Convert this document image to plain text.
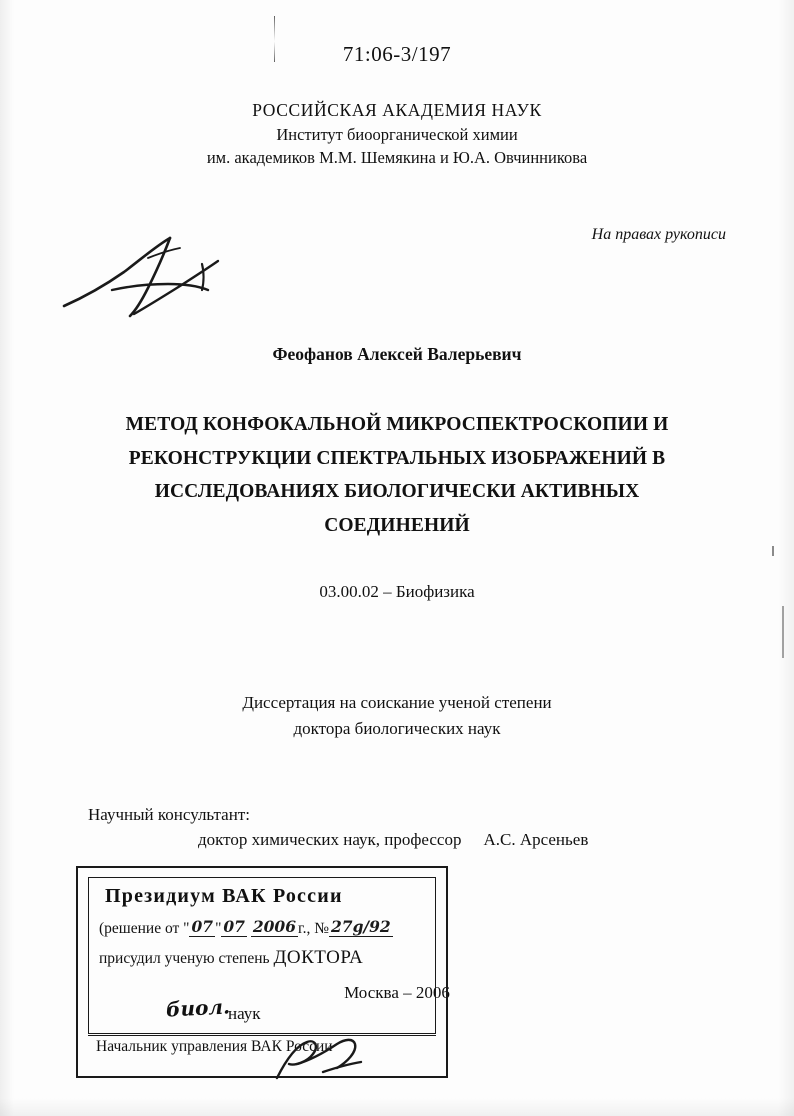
71:06-3/197
РОССИЙСКАЯ АКАДЕМИЯ НАУК
Институт биоорганической химии
им. академиков М.М. Шемякина и Ю.А. Овчинникова
На правах рукописи
Феофанов Алексей Валерьевич
МЕТОД КОНФОКАЛЬНОЙ МИКРОСПЕКТРОСКОПИИ И
РЕКОНСТРУКЦИИ СПЕКТРАЛЬНЫХ ИЗОБРАЖЕНИЙ В
ИССЛЕДОВАНИЯХ БИОЛОГИЧЕСКИ АКТИВНЫХ
СОЕДИНЕНИЙ
03.00.02 – Биофизика
Диссертация на соискание ученой степени
доктора биологических наук
Научный консультант:
доктор химических наук, профессор А.С. Арсеньев
Москва – 2006
Президиум ВАК России
(решение от " 07 " 07 2006 г., № 27g/92
присудил ученую степень ДОКТОРА
биол.
наук
Начальник управления ВАК России
